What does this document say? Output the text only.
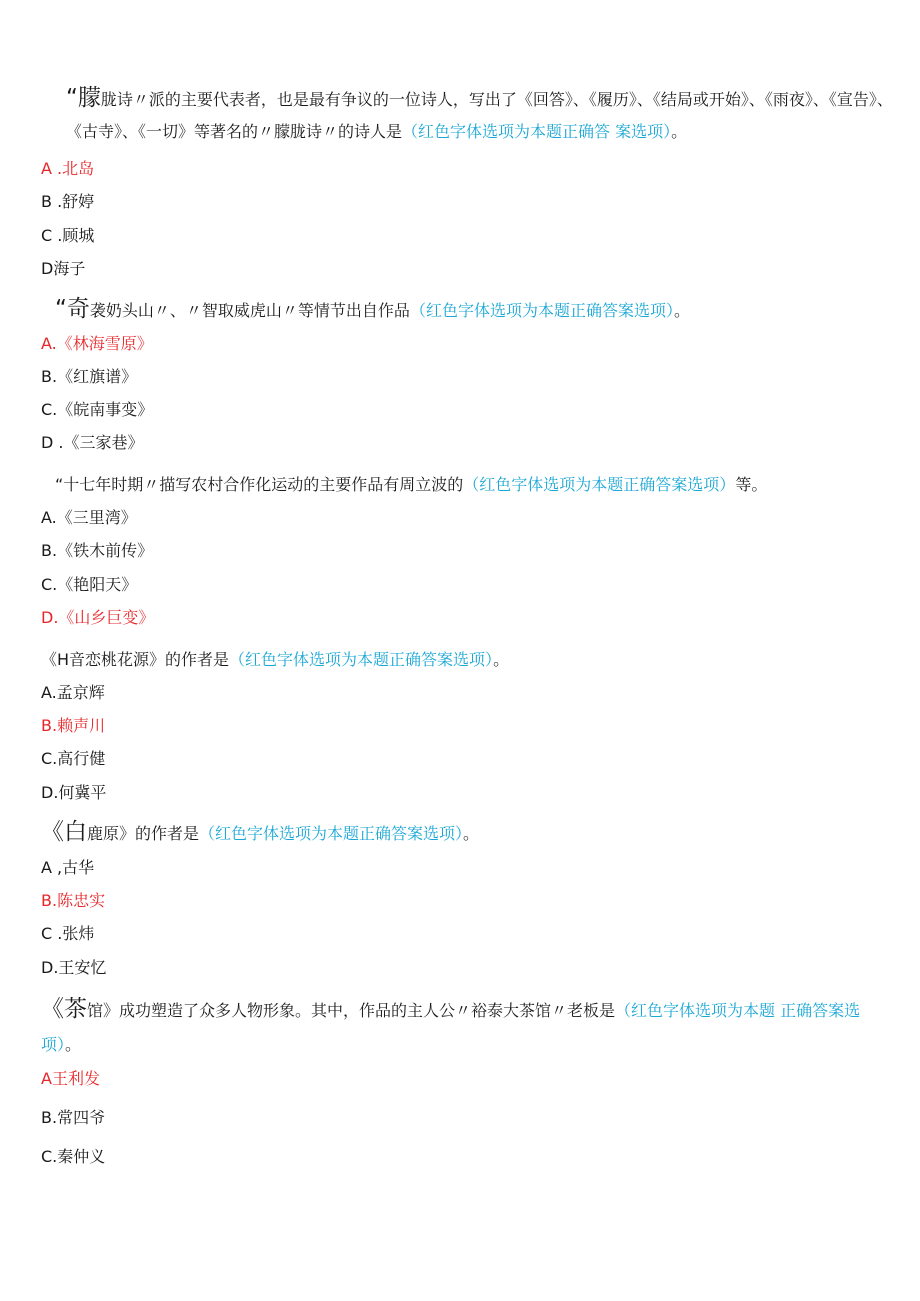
“朦胧诗〃派的主要代表者，也是最有争议的一位诗人，写出了《回答》、《履历》、《结局或开始》、《雨夜》、《宣告》、《古寺》、《一切》等著名的〃朦胧诗〃的诗人是（红色字体选项为本题正确答 案选项）。
A .北岛
B .舒婷
C .顾城
D海子
“奇袭奶头山〃、〃智取威虎山〃等情节出自作品（红色字体选项为本题正确答案选项）。
A.《林海雪原》
B.《红旗谱》
C.《皖南事变》
D .《三家巷》
“十七年时期〃描写农村合作化运动的主要作品有周立波的（红色字体选项为本题正确答案选项）等。
A.《三里湾》
B.《铁木前传》
C.《艳阳天》
D.《山乡巨变》
《H音恋桃花源》的作者是（红色字体选项为本题正确答案选项）。
A.孟京辉
B.赖声川
C.高行健
D.何冀平
《白鹿原》的作者是（红色字体选项为本题正确答案选项）。
A ,古华
B.陈忠实
C .张炜
D.王安忆
《茶馆》成功塑造了众多人物形象。其中，作品的主人公〃裕泰大茶馆〃老板是（红色字体选项为本题 正确答案选项）。
A王利发
B.常四爷
C.秦仲义
